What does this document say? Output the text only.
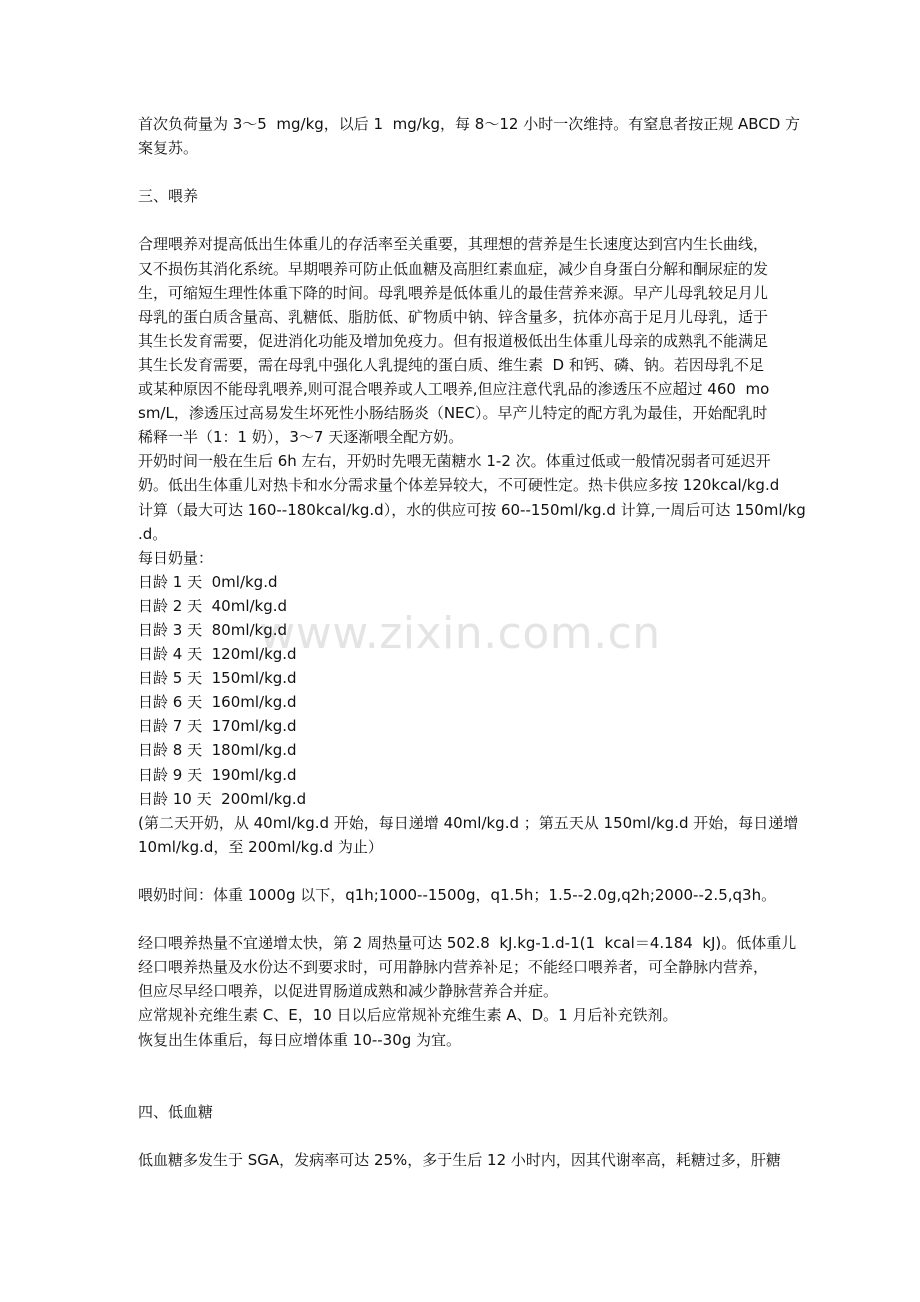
www.zixin.com.cn
首次负荷量为 3～5  mg/kg，以后 1  mg/kg，每 8～12 小时一次维持。有窒息者按正规 ABCD 方
案复苏。
三、喂养
合理喂养对提高低出生体重儿的存活率至关重要，其理想的营养是生长速度达到宫内生长曲线，
又不损伤其消化系统。早期喂养可防止低血糖及高胆红素血症，减少自身蛋白分解和酮尿症的发
生，可缩短生理性体重下降的时间。母乳喂养是低体重儿的最佳营养来源。早产儿母乳较足月儿
母乳的蛋白质含量高、乳糖低、脂肪低、矿物质中钠、锌含量多，抗体亦高于足月儿母乳，适于
其生长发育需要，促进消化功能及增加免疫力。但有报道极低出生体重儿母亲的成熟乳不能满足
其生长发育需要，需在母乳中强化人乳提纯的蛋白质、维生素  D 和钙、磷、钠。若因母乳不足
或某种原因不能母乳喂养,则可混合喂养或人工喂养,但应注意代乳品的渗透压不应超过 460  mo
sm/L，渗透压过高易发生坏死性小肠结肠炎（NEC）。早产儿特定的配方乳为最佳，开始配乳时
稀释一半（1：1 奶），3～7 天逐渐喂全配方奶。
开奶时间一般在生后 6h 左右，开奶时先喂无菌糖水 1-2 次。体重过低或一般情况弱者可延迟开
奶。低出生体重儿对热卡和水分需求量个体差异较大，不可硬性定。热卡供应多按 120kcal/kg.d
计算（最大可达 160--180kcal/kg.d），水的供应可按 60--150ml/kg.d 计算,一周后可达 150ml/kg
.d。
每日奶量：
日龄 1 天  0ml/kg.d
日龄 2 天  40ml/kg.d
日龄 3 天  80ml/kg.d
日龄 4 天  120ml/kg.d
日龄 5 天  150ml/kg.d
日龄 6 天  160ml/kg.d
日龄 7 天  170ml/kg.d
日龄 8 天  180ml/kg.d
日龄 9 天  190ml/kg.d
日龄 10 天  200ml/kg.d
(第二天开奶，从 40ml/kg.d 开始，每日递增 40ml/kg.d ；第五天从 150ml/kg.d 开始，每日递增
10ml/kg.d，至 200ml/kg.d 为止）
喂奶时间：体重 1000g 以下，q1h;1000--1500g，q1.5h；1.5--2.0g,q2h;2000--2.5,q3h。
经口喂养热量不宜递增太快，第 2 周热量可达 502.8  kJ.kg-1.d-1(1  kcal＝4.184  kJ)。低体重儿
经口喂养热量及水份达不到要求时，可用静脉内营养补足；不能经口喂养者，可全静脉内营养，
但应尽早经口喂养，以促进胃肠道成熟和减少静脉营养合并症。
应常规补充维生素 C、E，10 日以后应常规补充维生素 A、D。1 月后补充铁剂。
恢复出生体重后，每日应增体重 10--30g 为宜。
四、低血糖
低血糖多发生于 SGA，发病率可达 25%，多于生后 12 小时内，因其代谢率高，耗糖过多，肝糖
